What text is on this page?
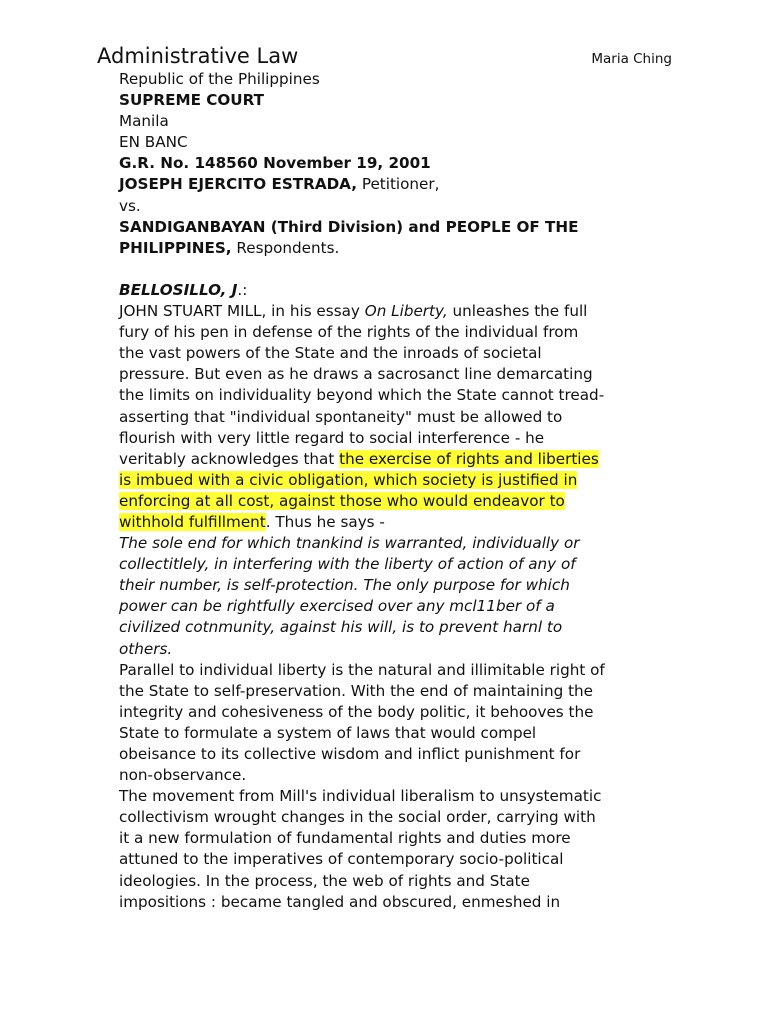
Administrative Law	Maria Ching
Republic of the Philippines
SUPREME COURT
Manila
EN BANC
G.R. No. 148560 November 19, 2001
JOSEPH EJERCITO ESTRADA, Petitioner,
vs.
SANDIGANBAYAN (Third Division) and PEOPLE OF THE
PHILIPPINES, Respondents.
BELLOSILLO, J.:
JOHN STUART MILL, in his essay On Liberty, unleashes the full
fury of his pen in defense of the rights of the individual from
the vast powers of the State and the inroads of societal
pressure. But even as he draws a sacrosanct line demarcating
the limits on individuality beyond which the State cannot tread-
asserting that "individual spontaneity" must be allowed to
flourish with very little regard to social interference - he
veritably acknowledges that the exercise of rights and liberties
is imbued with a civic obligation, which society is justified in
enforcing at all cost, against those who would endeavor to
withhold fulfillment. Thus he says -
The sole end for which tnankind is warranted, individually or
collectitlely, in interfering with the liberty of action of any of
their number, is self-protection. The only purpose for which
power can be rightfully exercised over any mcl11ber of a
civilized cotnmunity, against his will, is to prevent harnl to
others.
Parallel to individual liberty is the natural and illimitable right of
the State to self-preservation. With the end of maintaining the
integrity and cohesiveness of the body politic, it behooves the
State to formulate a system of laws that would compel
obeisance to its collective wisdom and inflict punishment for
non-observance.
The movement from Mill's individual liberalism to unsystematic
collectivism wrought changes in the social order, carrying with
it a new formulation of fundamental rights and duties more
attuned to the imperatives of contemporary socio-political
ideologies. In the process, the web of rights and State
impositions : became tangled and obscured, enmeshed in
